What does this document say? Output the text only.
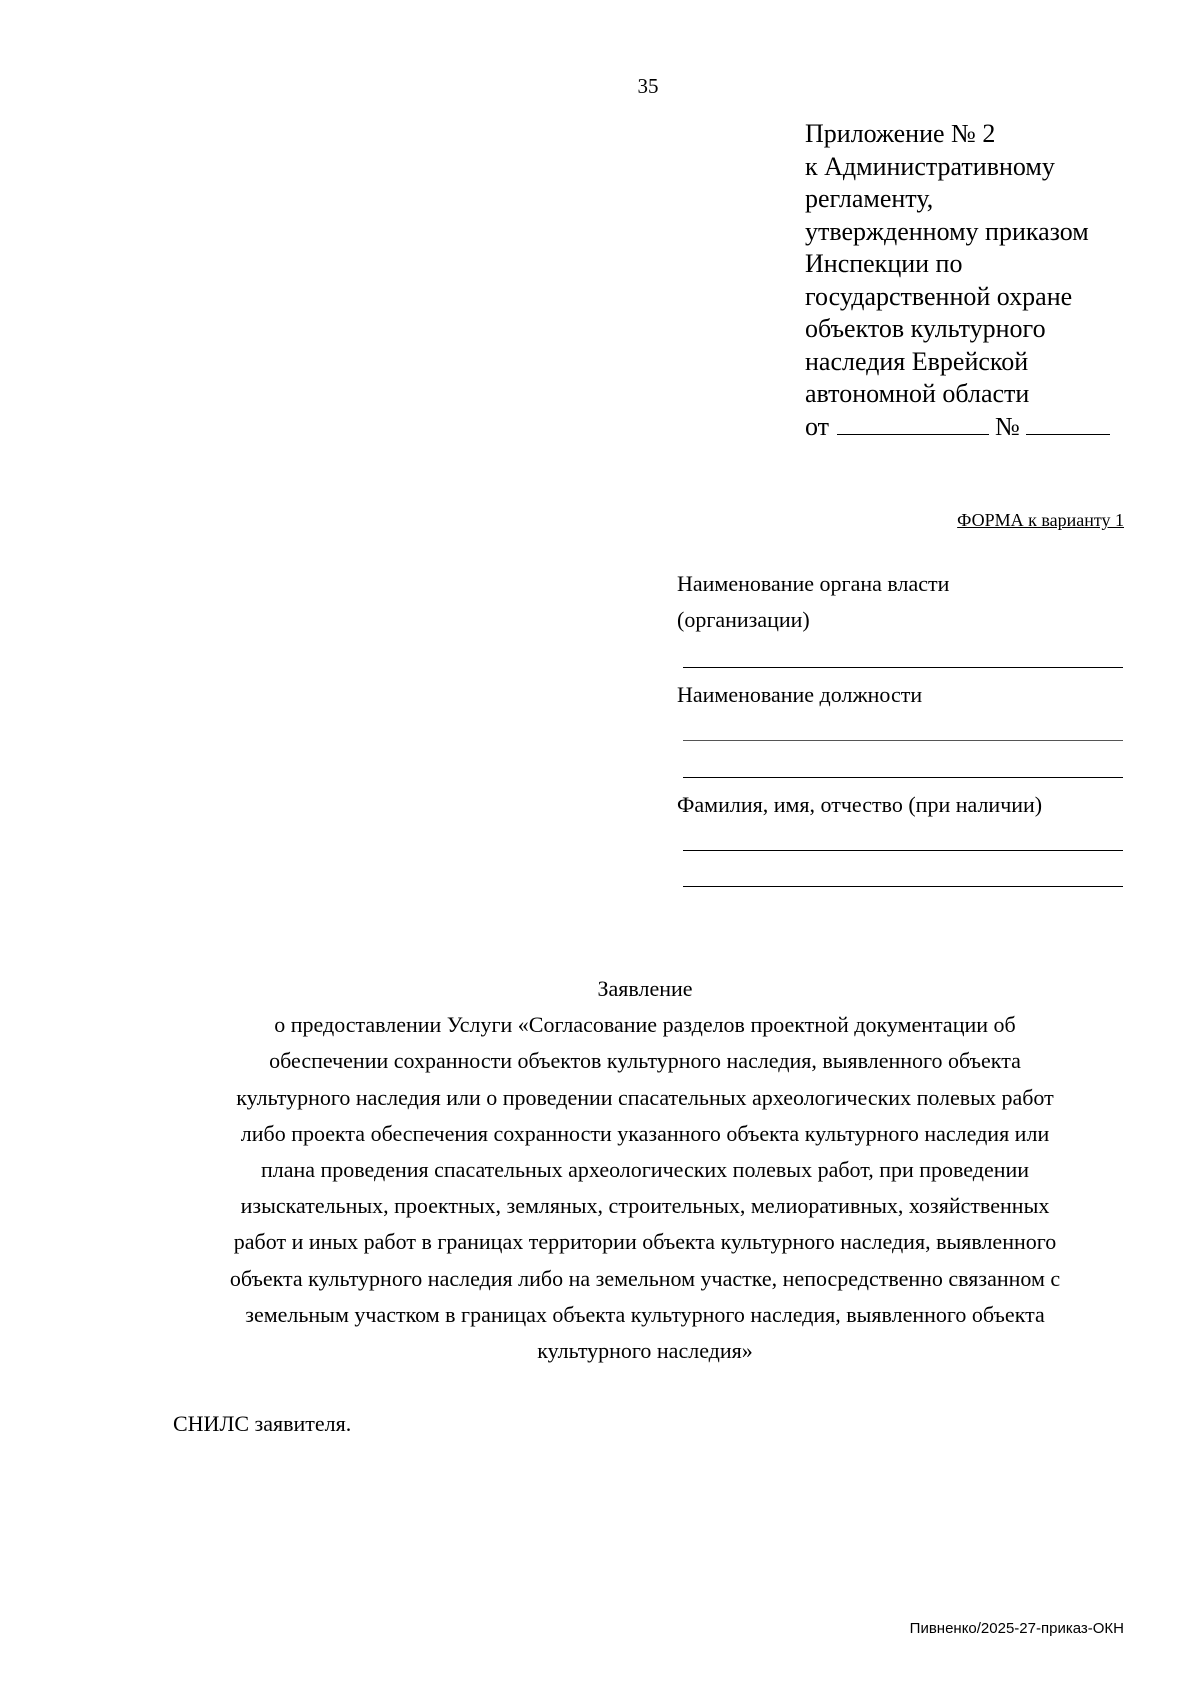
35
Приложение № 2
к Административному
регламенту,
утвержденному приказом
Инспекции по
государственной охране
объектов культурного
наследия Еврейской
автономной области
от	№
ФОРМА к варианту 1
Наименование органа власти
(организации)
Наименование должности
Фамилия, имя, отчество (при наличии)
Заявление
о предоставлении Услуги «Согласование разделов проектной документации об
обеспечении сохранности объектов культурного наследия, выявленного объекта
культурного наследия или о проведении спасательных археологических полевых работ
либо проекта обеспечения сохранности указанного объекта культурного наследия или
плана проведения спасательных археологических полевых работ, при проведении
изыскательных, проектных, земляных, строительных, мелиоративных, хозяйственных
работ и иных работ в границах территории объекта культурного наследия, выявленного
объекта культурного наследия либо на земельном участке, непосредственно связанном с
земельным участком в границах объекта культурного наследия, выявленного объекта
культурного наследия»
СНИЛС заявителя.
Пивненко/2025-27-приказ-ОКН
